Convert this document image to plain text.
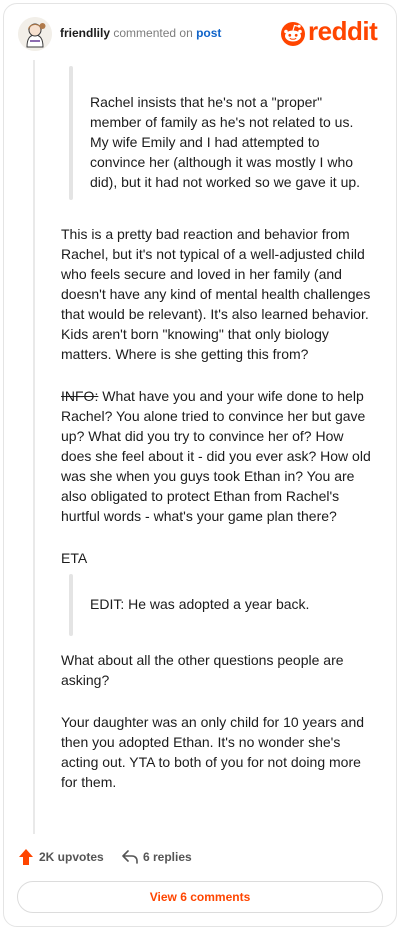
friendlily commented on post	reddit
Rachel insists that he's not a "proper" member of family as he's not related to us. My wife Emily and I had attempted to convince her (although it was mostly I who did), but it had not worked so we gave it up.

This is a pretty bad reaction and behavior from Rachel, but it's not typical of a well-adjusted child who feels secure and loved in her family (and doesn't have any kind of mental health challenges that would be relevant). It's also learned behavior. Kids aren't born "knowing" that only biology matters. Where is she getting this from?

INFO: What have you and your wife done to help Rachel? You alone tried to convince her but gave up? What did you try to convince her of? How does she feel about it - did you ever ask? How old was she when you guys took Ethan in? You are also obligated to protect Ethan from Rachel's hurtful words - what's your game plan there?

ETA

EDIT: He was adopted a year back.

What about all the other questions people are asking?

Your daughter was an only child for 10 years and then you adopted Ethan. It's no wonder she's acting out. YTA to both of you for not doing more for them.

2K upvotes	6 replies
View 6 comments
